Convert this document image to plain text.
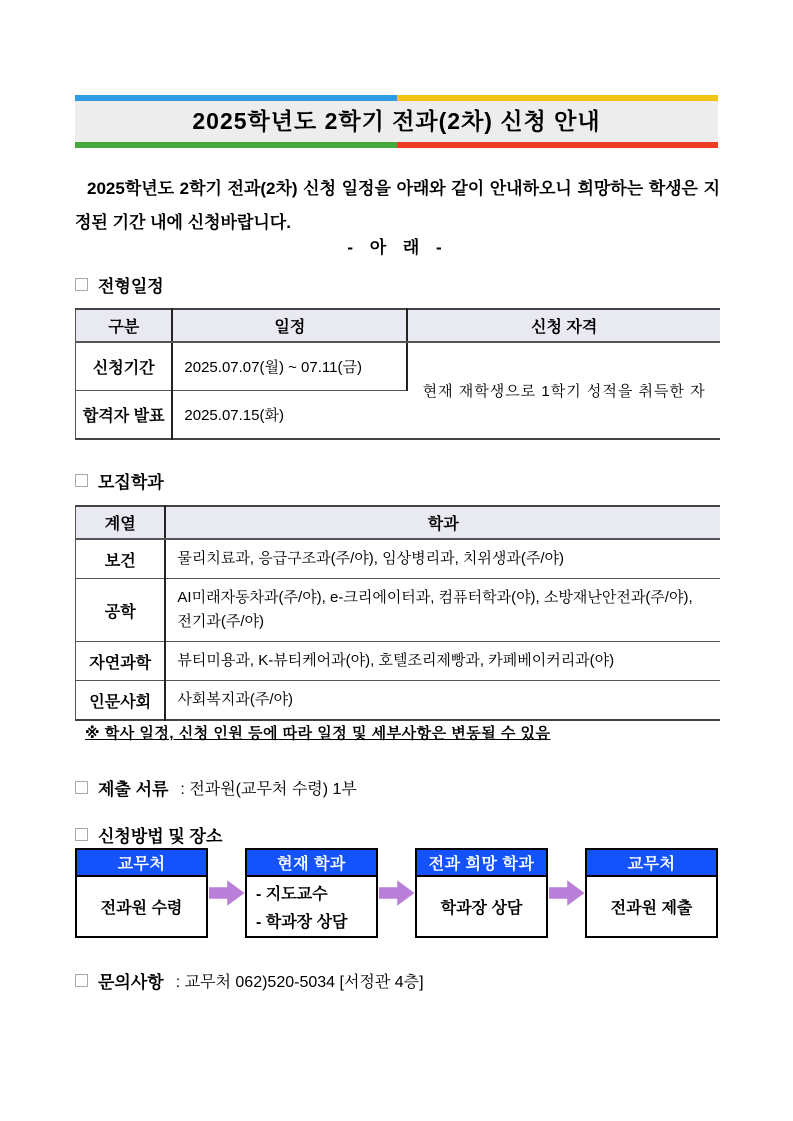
2025학년도 2학기 전과(2차) 신청 안내

2025학년도 2학기 전과(2차) 신청 일정을 아래와 같이 안내하오니 희망하는 학생은 지정된 기간 내에 신청바랍니다.

- 아 래 -
전형일정
구분	일정	신청 자격
신청기간	2025.07.07(월) ~ 07.11(금)	현재 재학생으로 1학기 성적을 취득한 자
합격자 발표	2025.07.15(화)	
모집학과
계열	학과
보건	물리치료과, 응급구조과(주/야), 임상병리과, 치위생과(주/야)
공학	AI미래자동차과(주/야), e-크리에이터과, 컴퓨터학과(야), 소방재난안전과(주/야), 전기과(주/야)
자연과학	뷰티미용과, K-뷰티케어과(야), 호텔조리제빵과, 카페베이커리과(야)
인문사회	사회복지과(주/야)
※ 학사 일정, 신청 인원 등에 따라 일정 및 세부사항은 변동될 수 있음
제출 서류 : 전과원(교무처 수령) 1부
신청방법 및 장소
교무처
전과원 수령
현재 학과
- 지도교수
- 학과장 상담
전과 희망 학과
학과장 상담
교무처
전과원 제출
문의사항 : 교무처 062)520-5034 [서정관 4층]
